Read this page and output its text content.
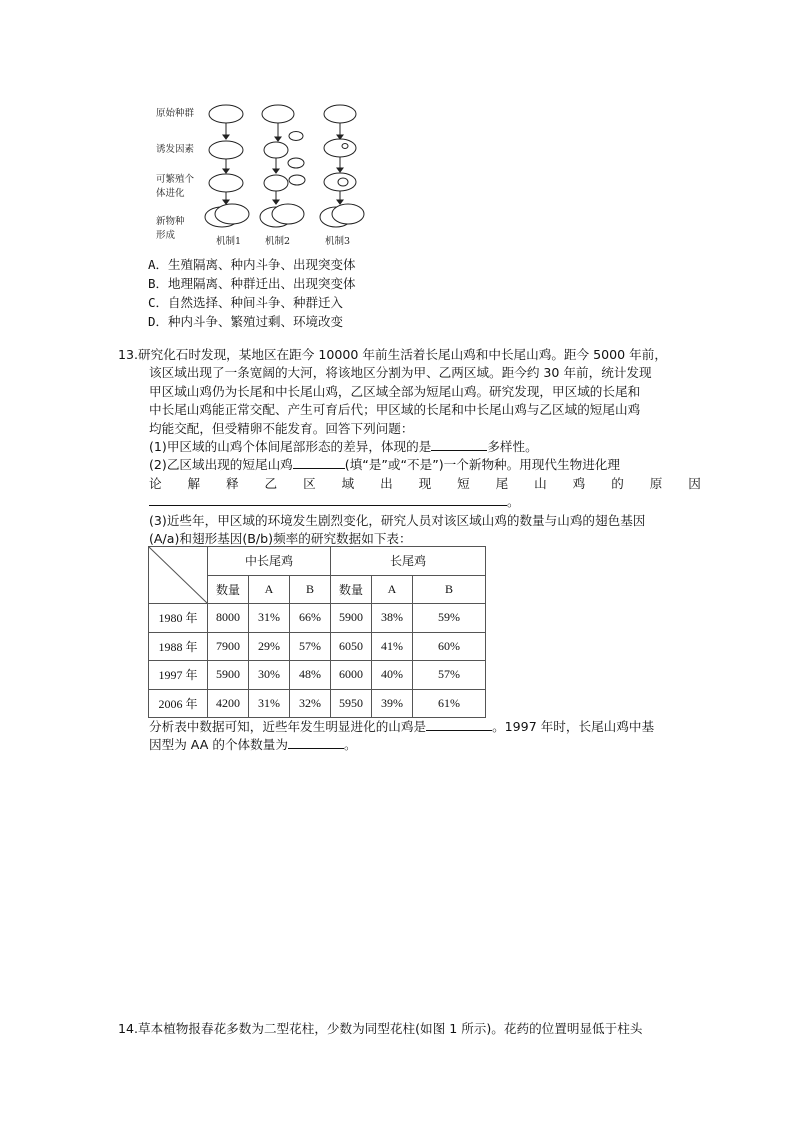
原始种群
诱发因素
可繁殖个
体进化
新物种
形成
机制1	机制2	机制3
A．生殖隔离、种内斗争、出现突变体
B．地理隔离、种群迁出、出现突变体
C．自然选择、种间斗争、种群迁入
D．种内斗争、繁殖过剩、环境改变
13.研究化石时发现，某地区在距今 10000 年前生活着长尾山鸡和中长尾山鸡。距今 5000 年前，
该区域出现了一条宽阔的大河，将该地区分割为甲、乙两区域。距今约 30 年前，统计发现
甲区域山鸡仍为长尾和中长尾山鸡，乙区域全部为短尾山鸡。研究发现，甲区域的长尾和
中长尾山鸡能正常交配、产生可育后代；甲区域的长尾和中长尾山鸡与乙区域的短尾山鸡
均能交配，但受精卵不能发育。回答下列问题：
(1)甲区域的山鸡个体间尾部形态的差异，体现的是	多样性。
(2)乙区域出现的短尾山鸡	(填“是”或“不是”)一个新物种。用现代生物进化理
论 解 释 乙 区 域 出 现 短 尾 山 鸡 的 原 因
。
(3)近些年，甲区域的环境发生剧烈变化，研究人员对该区域山鸡的数量与山鸡的翅色基因
(A/a)和翅形基因(B/b)频率的研究数据如下表：
	中长尾鸡			长尾鸡		
	数量	A	B	数量	A	B
1980 年	8000	31%	66%	5900	38%	59%
1988 年	7900	29%	57%	6050	41%	60%
1997 年	5900	30%	48%	6000	40%	57%
2006 年	4200	31%	32%	5950	39%	61%
分析表中数据可知，近些年发生明显进化的山鸡是	。1997 年时，长尾山鸡中基
因型为 AA 的个体数量为	。
14.草本植物报春花多数为二型花柱，少数为同型花柱(如图 1 所示)。花药的位置明显低于柱头
